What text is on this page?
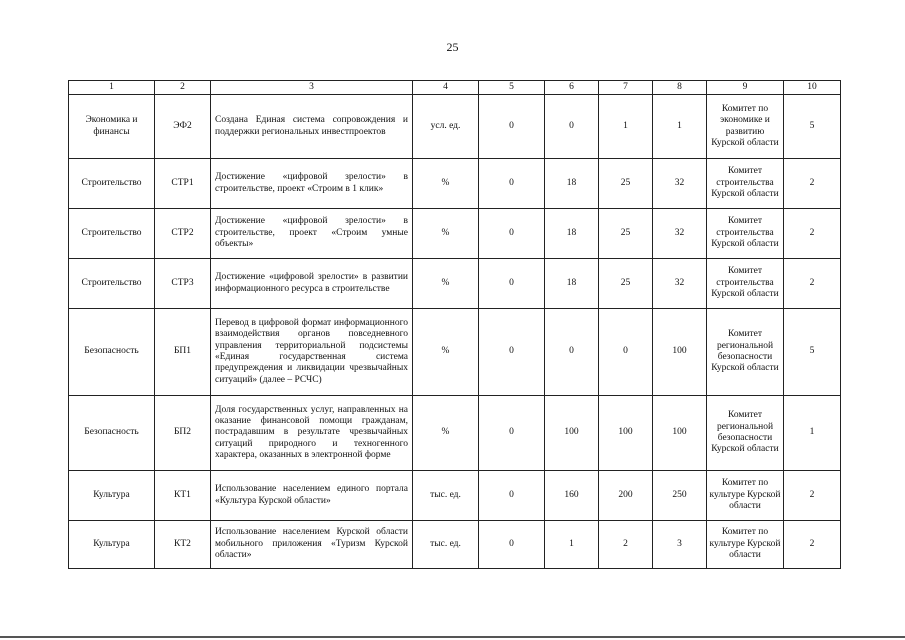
25
1	2	3	4	5	6	7	8	9	10
Экономика и финансы	ЭФ2	Создана Единая система сопровождения и поддержки региональных инвестпроектов	усл. ед.	0	0	1	1	Комитет по экономике и развитию Курской области	5
Строительство	СТР1	Достижение «цифровой зрелости» в строительстве, проект «Строим в 1 клик»	%	0	18	25	32	Комитет строительства Курской области	2
Строительство	СТР2	Достижение «цифровой зрелости» в строительстве, проект «Строим умные объекты»	%	0	18	25	32	Комитет строительства Курской области	2
Строительство	СТР3	Достижение «цифровой зрелости» в развитии информационного ресурса в строительстве	%	0	18	25	32	Комитет строительства Курской области	2
Безопасность	БП1	Перевод в цифровой формат информационного взаимодействия органов повседневного управления территориальной подсистемы «Единая государственная система предупреждения и ликвидации чрезвычайных ситуаций» (далее – РСЧС)	%	0	0	0	100	Комитет региональной безопасности Курской области	5
Безопасность	БП2	Доля государственных услуг, направленных на оказание финансовой помощи гражданам, пострадавшим в результате чрезвычайных ситуаций природного и техногенного характера, оказанных в электронной форме	%	0	100	100	100	Комитет региональной безопасности Курской области	1
Культура	КТ1	Использование населением единого портала «Культура Курской области»	тыс. ед.	0	160	200	250	Комитет по культуре Курской области	2
Культура	КТ2	Использование населением Курской области мобильного приложения «Туризм Курской области»	тыс. ед.	0	1	2	3	Комитет по культуре Курской области	2
